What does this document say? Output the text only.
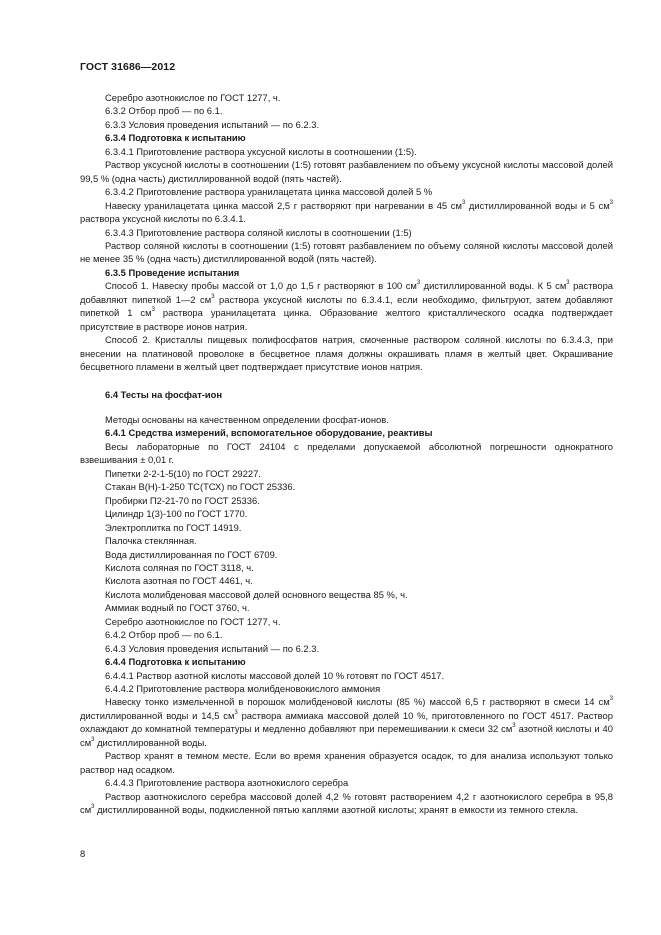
ГОСТ 31686—2012

Серебро азотнокислое по ГОСТ 1277, ч.

6.3.2 Отбор проб — по 6.1.

6.3.3 Условия проведения испытаний — по 6.2.3.

6.3.4 Подготовка к испытанию

6.3.4.1 Приготовление раствора уксусной кислоты в соотношении (1:5).

Раствор уксусной кислоты в соотношении (1:5) готовят разбавлением по объему уксусной кислоты массовой долей 99,5 % (одна часть) дистиллированной водой (пять частей).

6.3.4.2 Приготовление раствора уранилацетата цинка массовой долей 5 %

Навеску уранилацетата цинка массой 2,5 г растворяют при нагревании в 45 $см^3$ дистиллированной воды и 5 $см^3$ раствора уксусной кислоты по 6.3.4.1.

6.3.4.3 Приготовление раствора соляной кислоты в соотношении (1:5)

Раствор соляной кислоты в соотношении (1:5) готовят разбавлением по объему соляной кислоты массовой долей не менее 35 % (одна часть) дистиллированной водой (пять частей).

6.3.5 Проведение испытания

Способ 1. Навеску пробы массой от 1,0 до 1,5 г растворяют в 100 $см^3$ дистиллированной воды. К 5 $см^3$ раствора добавляют пипеткой 1—2 $см^3$ раствора уксусной кислоты по 6.3.4.1, если необходимо, фильтруют, затем добавляют пипеткой 1 $см^3$ раствора уранилацетата цинка. Образование желтого кристаллического осадка подтверждает присутствие в растворе ионов натрия.

Способ 2. Кристаллы пищевых полифосфатов натрия, смоченные раствором соляной кислоты по 6.3.4.3, при внесении на платиновой проволоке в бесцветное пламя должны окрашивать пламя в желтый цвет. Окрашивание бесцветного пламени в желтый цвет подтверждает присутствие ионов натрия.

6.4 Тесты на фосфат-ион

Методы основаны на качественном определении фосфат-ионов.

6.4.1 Средства измерений, вспомогательное оборудование, реактивы

Весы лабораторные по ГОСТ 24104 с пределами допускаемой абсолютной погрешности однократного взвешивания ± 0,01 г.

Пипетки 2-2-1-5(10) по ГОСТ 29227.

Стакан В(Н)-1-250 ТС(ТСХ) по ГОСТ 25336.

Пробирки П2-21-70 по ГОСТ 25336.

Цилиндр 1(3)-100 по ГОСТ 1770.

Электроплитка по ГОСТ 14919.

Палочка стеклянная.

Вода дистиллированная по ГОСТ 6709.

Кислота соляная по ГОСТ 3118, ч.

Кислота азотная по ГОСТ 4461, ч.

Кислота молибденовая массовой долей основного вещества 85 %, ч.

Аммиак водный по ГОСТ 3760, ч.

Серебро азотнокислое по ГОСТ 1277, ч.

6.4.2 Отбор проб — по 6.1.

6.4.3 Условия проведения испытаний — по 6.2.3.

6.4.4 Подготовка к испытанию

6.4.4.1 Раствор азотной кислоты массовой долей 10 % готовят по ГОСТ 4517.

6.4.4.2 Приготовление раствора молибденовокислого аммония

Навеску тонко измельченной в порошок молибденовой кислоты (85 %) массой 6,5 г растворяют в смеси 14 $см^3$ дистиллированной воды и 14,5 $см^3$ раствора аммиака массовой долей 10 %, приготовленного по ГОСТ 4517. Раствор охлаждают до комнатной температуры и медленно добавляют при перемешивании к смеси 32 $см^3$ азотной кислоты и 40 $см^3$ дистиллированной воды.

Раствор хранят в темном месте. Если во время хранения образуется осадок, то для анализа используют только раствор над осадком.

6.4.4.3 Приготовление раствора азотнокислого серебра

Раствор азотнокислого серебра массовой долей 4,2 % готовят растворением 4,2 г азотнокислого серебра в 95,8 $см^3$ дистиллированной воды, подкисленной пятью каплями азотной кислоты; хранят в емкости из темного стекла.

8
